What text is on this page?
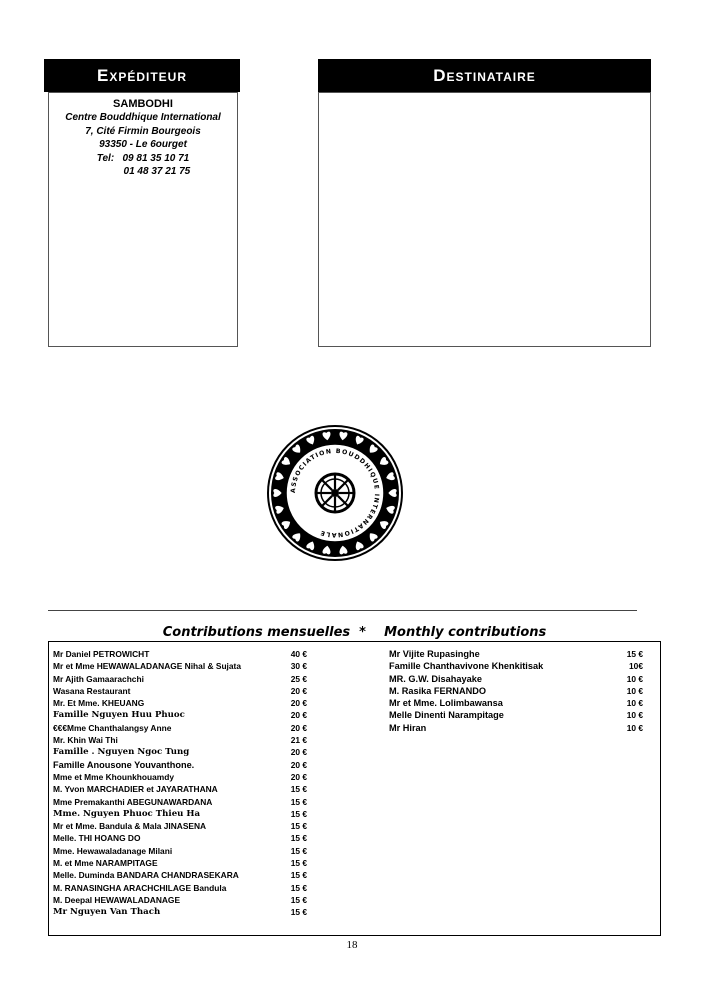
Expéditeur
SAMBODHI
Centre Bouddhique International
7, Cité Firmin Bourgeois
93350 - Le 6ourget
Tel:   09 81 35 10 71
01 48 37 21 75
Destinataire
ASSOCIATION BOUDDHIQUE INTERNATIONALE
Contributions mensuelles  *    Monthly contributions
Mr Daniel PETROWICHT	40 €
Mr et Mme HEWAWALADANAGE Nihal & Sujata	30 €
Mr Ajith Gamaarachchi	25 €
Wasana Restaurant	20 €
Mr. Et Mme. KHEUANG	20 €
Famille Nguyen Huu Phuoc	20 €
€€€Mme Chanthalangsy Anne	20 €
Mr. Khin Wai Thi	21 €
Famille . Nguyen Ngoc Tung	20 €
Famille Anousone Youvanthone.	20 €
Mme et Mme Khounkhouamdy	20 €
M. Yvon MARCHADIER et JAYARATHANA	15 €
Mme Premakanthi ABEGUNAWARDANA	15 €
Mme. Nguyen Phuoc Thieu Ha	15 €
Mr et Mme. Bandula & Mala JINASENA	15 €
Melle. THI HOANG DO	15 €
Mme. Hewawaladanage Milani	15 €
M. et Mme NARAMPITAGE	15 €
Melle. Duminda BANDARA CHANDRASEKARA	15 €
M. RANASINGHA ARACHCHILAGE Bandula	15 €
M. Deepal HEWAWALADANAGE	15 €
Mr Nguyen Van Thach	15 €
Mr Vijite Rupasinghe	15 €
Famille Chanthavivone Khenkitisak	10€
MR. G.W. Disahayake	10 €
M. Rasika FERNANDO	10 €
Mr et Mme. Lolimbawansa	10 €
Melle Dinenti Narampitage	10 €
Mr Hiran	10 €
18
